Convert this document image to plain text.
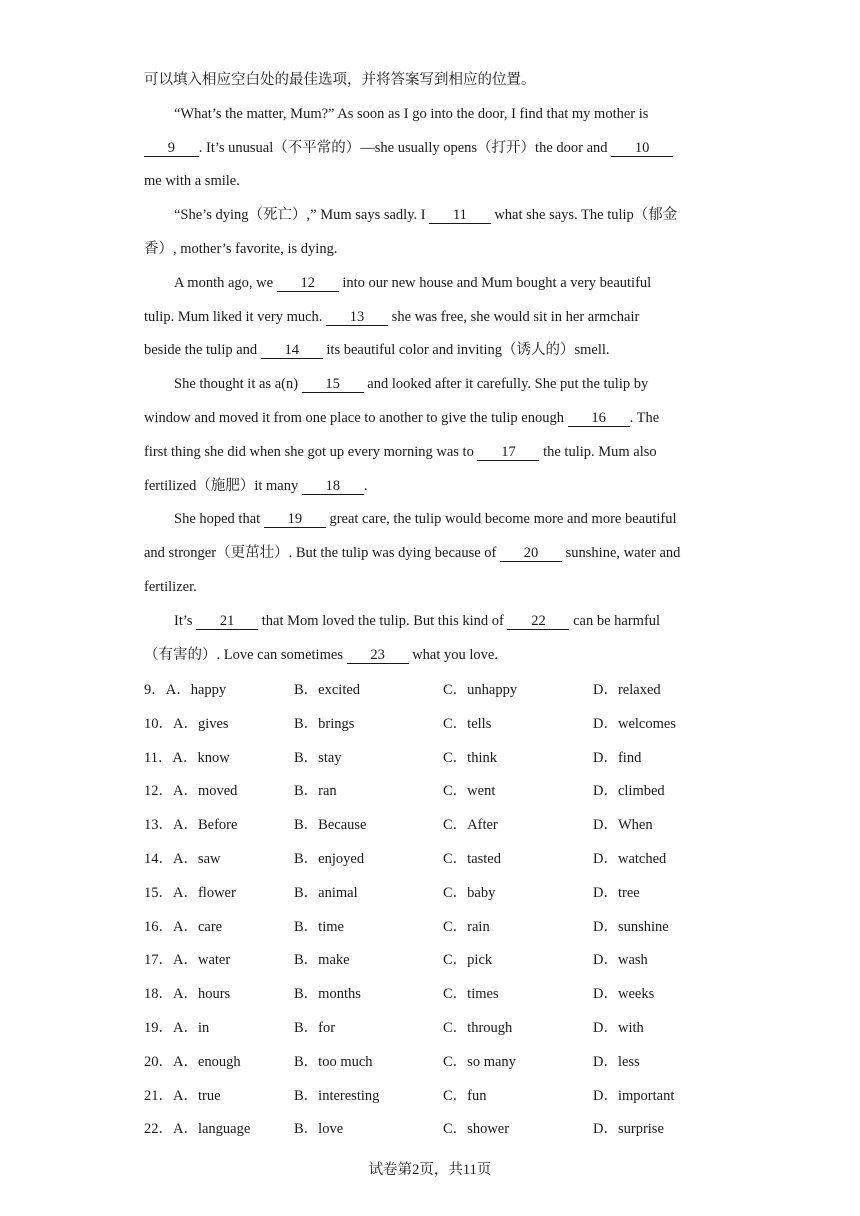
可以填入相应空白处的最佳选项，并将答案写到相应的位置。
“What’s the matter, Mum?” As soon as I go into the door, I find that my mother is
   9   . It’s unusual（不平常的）—she usually opens（打开）the door and    10   
me with a smile.
“She’s dying（死亡）,” Mum says sadly. I    11    what she says. The tulip（郁金
香）, mother’s favorite, is dying.
A month ago, we    12    into our new house and Mum bought a very beautiful
tulip. Mum liked it very much.    13    she was free, she would sit in her armchair
beside the tulip and    14    its beautiful color and inviting（诱人的）smell.
She thought it as a(n)    15    and looked after it carefully. She put the tulip by
window and moved it from one place to another to give the tulip enough    16   . The
first thing she did when she got up every morning was to    17    the tulip. Mum also
fertilized（施肥）it many    18   .
She hoped that    19    great care, the tulip would become more and more beautiful
and stronger（更茁壮）. But the tulip was dying because of    20    sunshine, water and
fertilizer.
It’s    21    that Mom loved the tulip. But this kind of    22    can be harmful
（有害的）. Love can sometimes    23    what you love.
9．A．happy	B．excited	C．unhappy	D．relaxed
10．A．gives	B．brings	C．tells	D．welcomes
11．A．know	B．stay	C．think	D．find
12．A．moved	B．ran	C．went	D．climbed
13．A．Before	B．Because	C．After	D．When
14．A．saw	B．enjoyed	C．tasted	D．watched
15．A．flower	B．animal	C．baby	D．tree
16．A．care	B．time	C．rain	D．sunshine
17．A．water	B．make	C．pick	D．wash
18．A．hours	B．months	C．times	D．weeks
19．A．in	B．for	C．through	D．with
20．A．enough	B．too much	C．so many	D．less
21．A．true	B．interesting	C．fun	D．important
22．A．language	B．love	C．shower	D．surprise
试卷第2页，共11页
